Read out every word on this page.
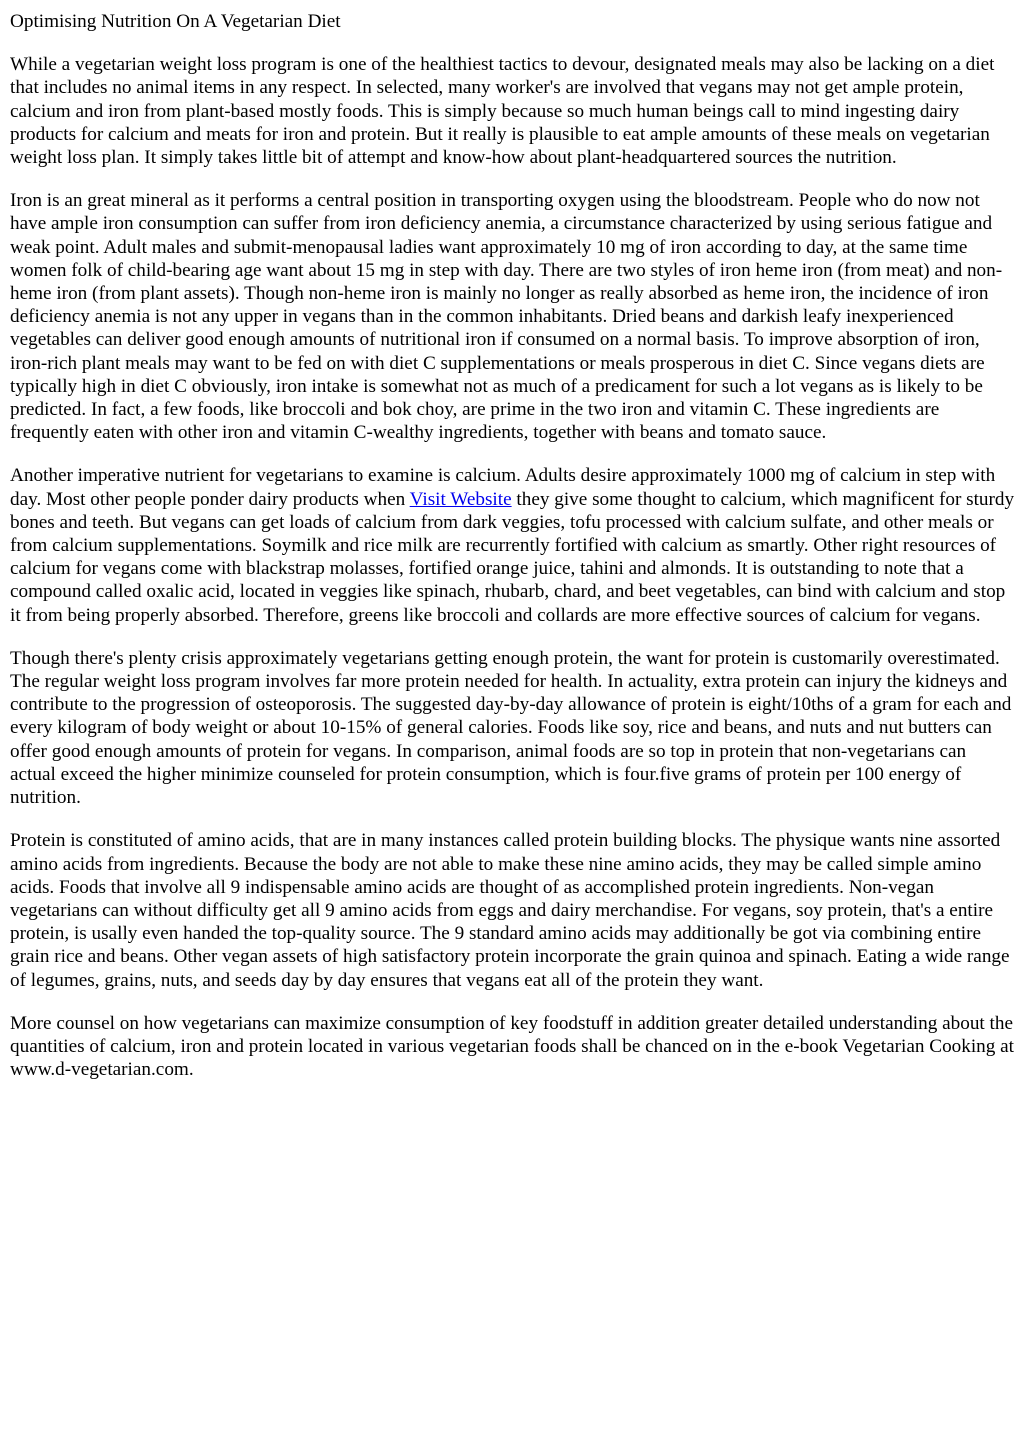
Optimising Nutrition On A Vegetarian Diet

While a vegetarian weight loss program is one of the healthiest tactics to devour, designated meals may also be lacking on a diet that includes no animal items in any respect. In selected, many worker's are involved that vegans may not get ample protein, calcium and iron from plant-based mostly foods. This is simply because so much human beings call to mind ingesting dairy products for calcium and meats for iron and protein. But it really is plausible to eat ample amounts of these meals on vegetarian weight loss plan. It simply takes little bit of attempt and know-how about plant-headquartered sources the nutrition.

Iron is an great mineral as it performs a central position in transporting oxygen using the bloodstream. People who do now not have ample iron consumption can suffer from iron deficiency anemia, a circumstance characterized by using serious fatigue and weak point. Adult males and submit-menopausal ladies want approximately 10 mg of iron according to day, at the same time women folk of child-bearing age want about 15 mg in step with day. There are two styles of iron heme iron (from meat) and non-heme iron (from plant assets). Though non-heme iron is mainly no longer as really absorbed as heme iron, the incidence of iron deficiency anemia is not any upper in vegans than in the common inhabitants. Dried beans and darkish leafy inexperienced vegetables can deliver good enough amounts of nutritional iron if consumed on a normal basis. To improve absorption of iron, iron-rich plant meals may want to be fed on with diet C supplementations or meals prosperous in diet C. Since vegans diets are typically high in diet C obviously, iron intake is somewhat not as much of a predicament for such a lot vegans as is likely to be predicted. In fact, a few foods, like broccoli and bok choy, are prime in the two iron and vitamin C. These ingredients are frequently eaten with other iron and vitamin C-wealthy ingredients, together with beans and tomato sauce.

Another imperative nutrient for vegetarians to examine is calcium. Adults desire approximately 1000 mg of calcium in step with day. Most other people ponder dairy products when Visit Website they give some thought to calcium, which magnificent for sturdy bones and teeth. But vegans can get loads of calcium from dark veggies, tofu processed with calcium sulfate, and other meals or from calcium supplementations. Soymilk and rice milk are recurrently fortified with calcium as smartly. Other right resources of calcium for vegans come with blackstrap molasses, fortified orange juice, tahini and almonds. It is outstanding to note that a compound called oxalic acid, located in veggies like spinach, rhubarb, chard, and beet vegetables, can bind with calcium and stop it from being properly absorbed. Therefore, greens like broccoli and collards are more effective sources of calcium for vegans.

Though there's plenty crisis approximately vegetarians getting enough protein, the want for protein is customarily overestimated. The regular weight loss program involves far more protein needed for health. In actuality, extra protein can injury the kidneys and contribute to the progression of osteoporosis. The suggested day-by-day allowance of protein is eight/10ths of a gram for each and every kilogram of body weight or about 10-15% of general calories. Foods like soy, rice and beans, and nuts and nut butters can offer good enough amounts of protein for vegans. In comparison, animal foods are so top in protein that non-vegetarians can actual exceed the higher minimize counseled for protein consumption, which is four.five grams of protein per 100 energy of nutrition.

Protein is constituted of amino acids, that are in many instances called protein building blocks. The physique wants nine assorted amino acids from ingredients. Because the body are not able to make these nine amino acids, they may be called simple amino acids. Foods that involve all 9 indispensable amino acids are thought of as accomplished protein ingredients. Non-vegan vegetarians can without difficulty get all 9 amino acids from eggs and dairy merchandise. For vegans, soy protein, that's a entire protein, is usally even handed the top-quality source. The 9 standard amino acids may additionally be got via combining entire grain rice and beans. Other vegan assets of high satisfactory protein incorporate the grain quinoa and spinach. Eating a wide range of legumes, grains, nuts, and seeds day by day ensures that vegans eat all of the protein they want.

More counsel on how vegetarians can maximize consumption of key foodstuff in addition greater detailed understanding about the quantities of calcium, iron and protein located in various vegetarian foods shall be chanced on in the e-book Vegetarian Cooking at www.d-vegetarian.com.
